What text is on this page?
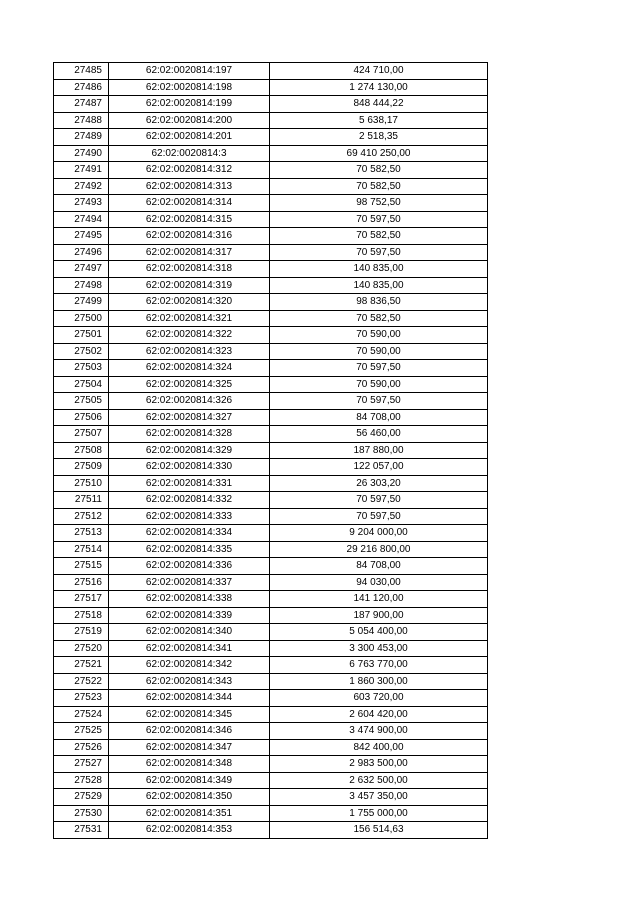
27485	62:02:0020814:197	424 710,00
27486	62:02:0020814:198	1 274 130,00
27487	62:02:0020814:199	848 444,22
27488	62:02:0020814:200	5 638,17
27489	62:02:0020814:201	2 518,35
27490	62:02:0020814:3	69 410 250,00
27491	62:02:0020814:312	70 582,50
27492	62:02:0020814:313	70 582,50
27493	62:02:0020814:314	98 752,50
27494	62:02:0020814:315	70 597,50
27495	62:02:0020814:316	70 582,50
27496	62:02:0020814:317	70 597,50
27497	62:02:0020814:318	140 835,00
27498	62:02:0020814:319	140 835,00
27499	62:02:0020814:320	98 836,50
27500	62:02:0020814:321	70 582,50
27501	62:02:0020814:322	70 590,00
27502	62:02:0020814:323	70 590,00
27503	62:02:0020814:324	70 597,50
27504	62:02:0020814:325	70 590,00
27505	62:02:0020814:326	70 597,50
27506	62:02:0020814:327	84 708,00
27507	62:02:0020814:328	56 460,00
27508	62:02:0020814:329	187 880,00
27509	62:02:0020814:330	122 057,00
27510	62:02:0020814:331	26 303,20
27511	62:02:0020814:332	70 597,50
27512	62:02:0020814:333	70 597,50
27513	62:02:0020814:334	9 204 000,00
27514	62:02:0020814:335	29 216 800,00
27515	62:02:0020814:336	84 708,00
27516	62:02:0020814:337	94 030,00
27517	62:02:0020814:338	141 120,00
27518	62:02:0020814:339	187 900,00
27519	62:02:0020814:340	5 054 400,00
27520	62:02:0020814:341	3 300 453,00
27521	62:02:0020814:342	6 763 770,00
27522	62:02:0020814:343	1 860 300,00
27523	62:02:0020814:344	603 720,00
27524	62:02:0020814:345	2 604 420,00
27525	62:02:0020814:346	3 474 900,00
27526	62:02:0020814:347	842 400,00
27527	62:02:0020814:348	2 983 500,00
27528	62:02:0020814:349	2 632 500,00
27529	62:02:0020814:350	3 457 350,00
27530	62:02:0020814:351	1 755 000,00
27531	62:02:0020814:353	156 514,63
